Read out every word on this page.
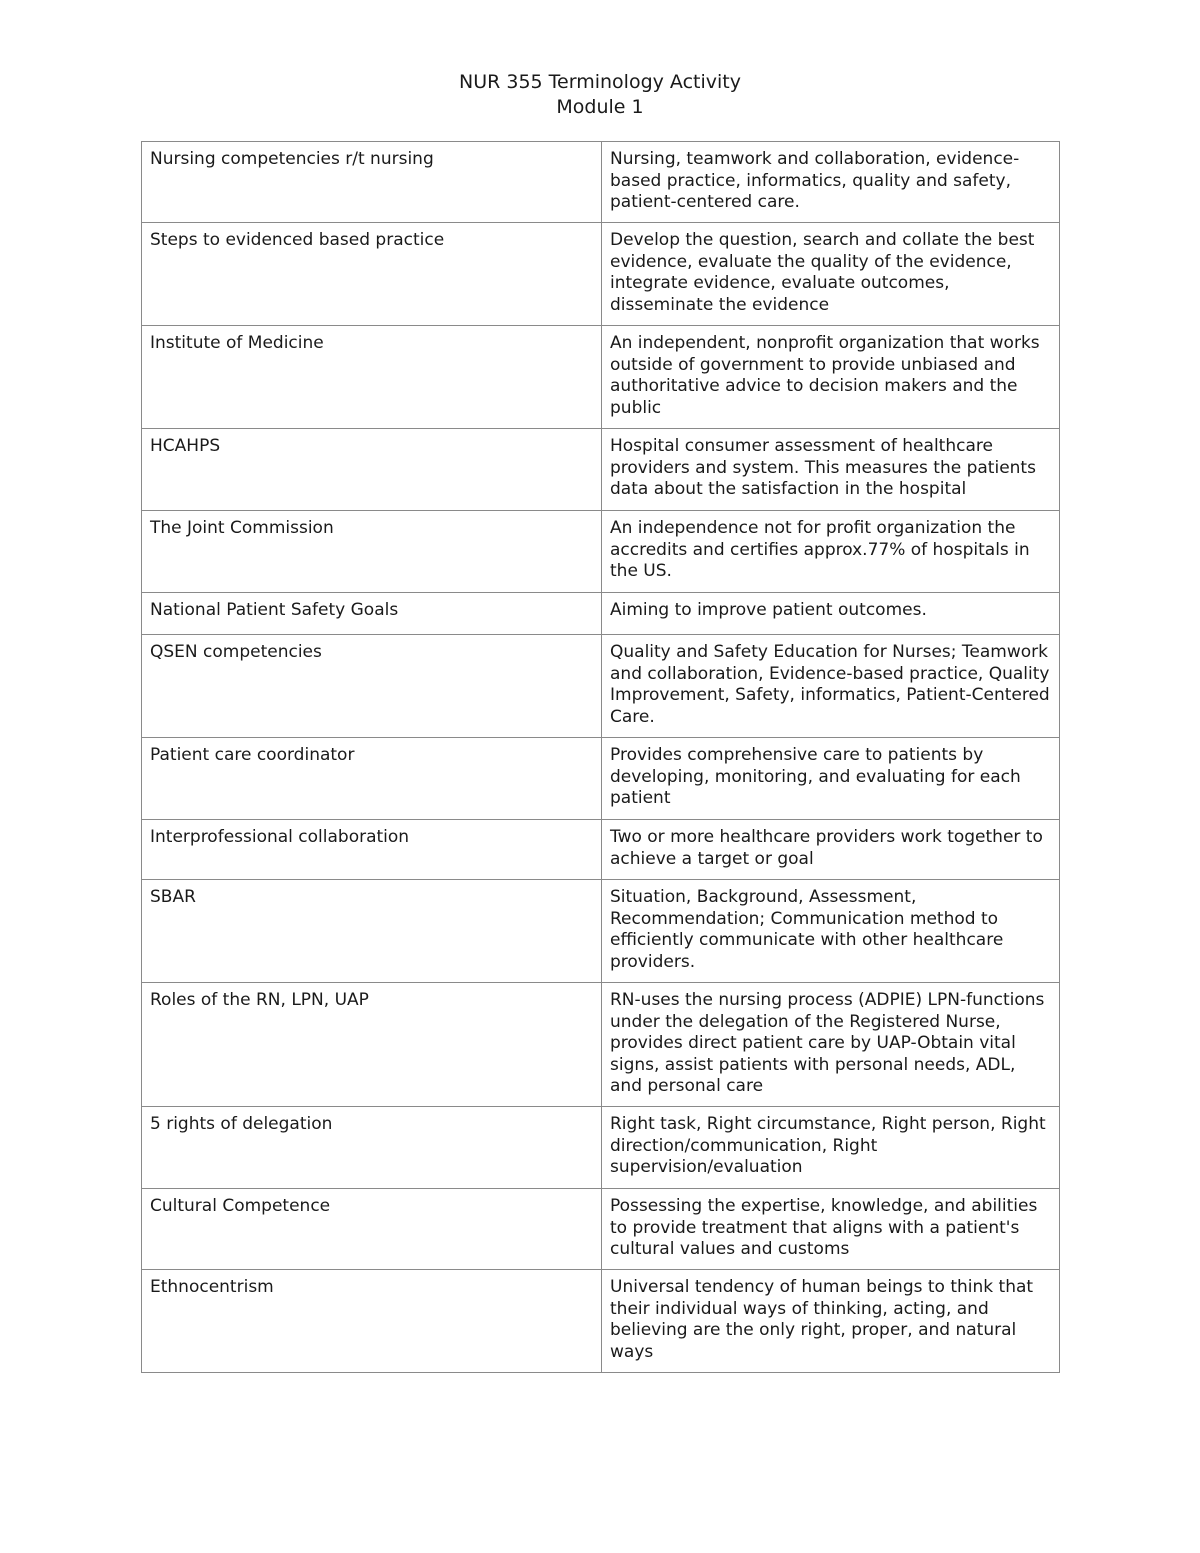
NUR 355 Terminology Activity
Module 1
Nursing competencies r/t nursing	Nursing, teamwork and collaboration, evidence-based practice, informatics, quality and safety, patient-centered care.
Steps to evidenced based practice	Develop the question, search and collate the best evidence, evaluate the quality of the evidence, integrate evidence, evaluate outcomes, disseminate the evidence
Institute of Medicine	An independent, nonprofit organization that works outside of government to provide unbiased and authoritative advice to decision makers and the public
HCAHPS	Hospital consumer assessment of healthcare providers and system. This measures the patients data about the satisfaction in the hospital
The Joint Commission	An independence not for profit organization the accredits and certifies approx.77% of hospitals in the US.
National Patient Safety Goals	Aiming to improve patient outcomes.
QSEN competencies	Quality and Safety Education for Nurses; Teamwork and collaboration, Evidence-based practice, Quality Improvement, Safety, informatics, Patient-Centered Care.
Patient care coordinator	Provides comprehensive care to patients by developing, monitoring, and evaluating for each patient
Interprofessional collaboration	Two or more healthcare providers work together to achieve a target or goal
SBAR	Situation, Background, Assessment, Recommendation; Communication method to efficiently communicate with other healthcare providers.
Roles of the RN, LPN, UAP	RN-uses the nursing process (ADPIE) LPN-functions under the delegation of the Registered Nurse, provides direct patient care by UAP-Obtain vital signs, assist patients with personal needs, ADL, and personal care
5 rights of delegation	Right task, Right circumstance, Right person, Right direction/communication, Right supervision/evaluation
Cultural Competence	Possessing the expertise, knowledge, and abilities to provide treatment that aligns with a patient's cultural values and customs
Ethnocentrism	Universal tendency of human beings to think that their individual ways of thinking, acting, and believing are the only right, proper, and natural ways
